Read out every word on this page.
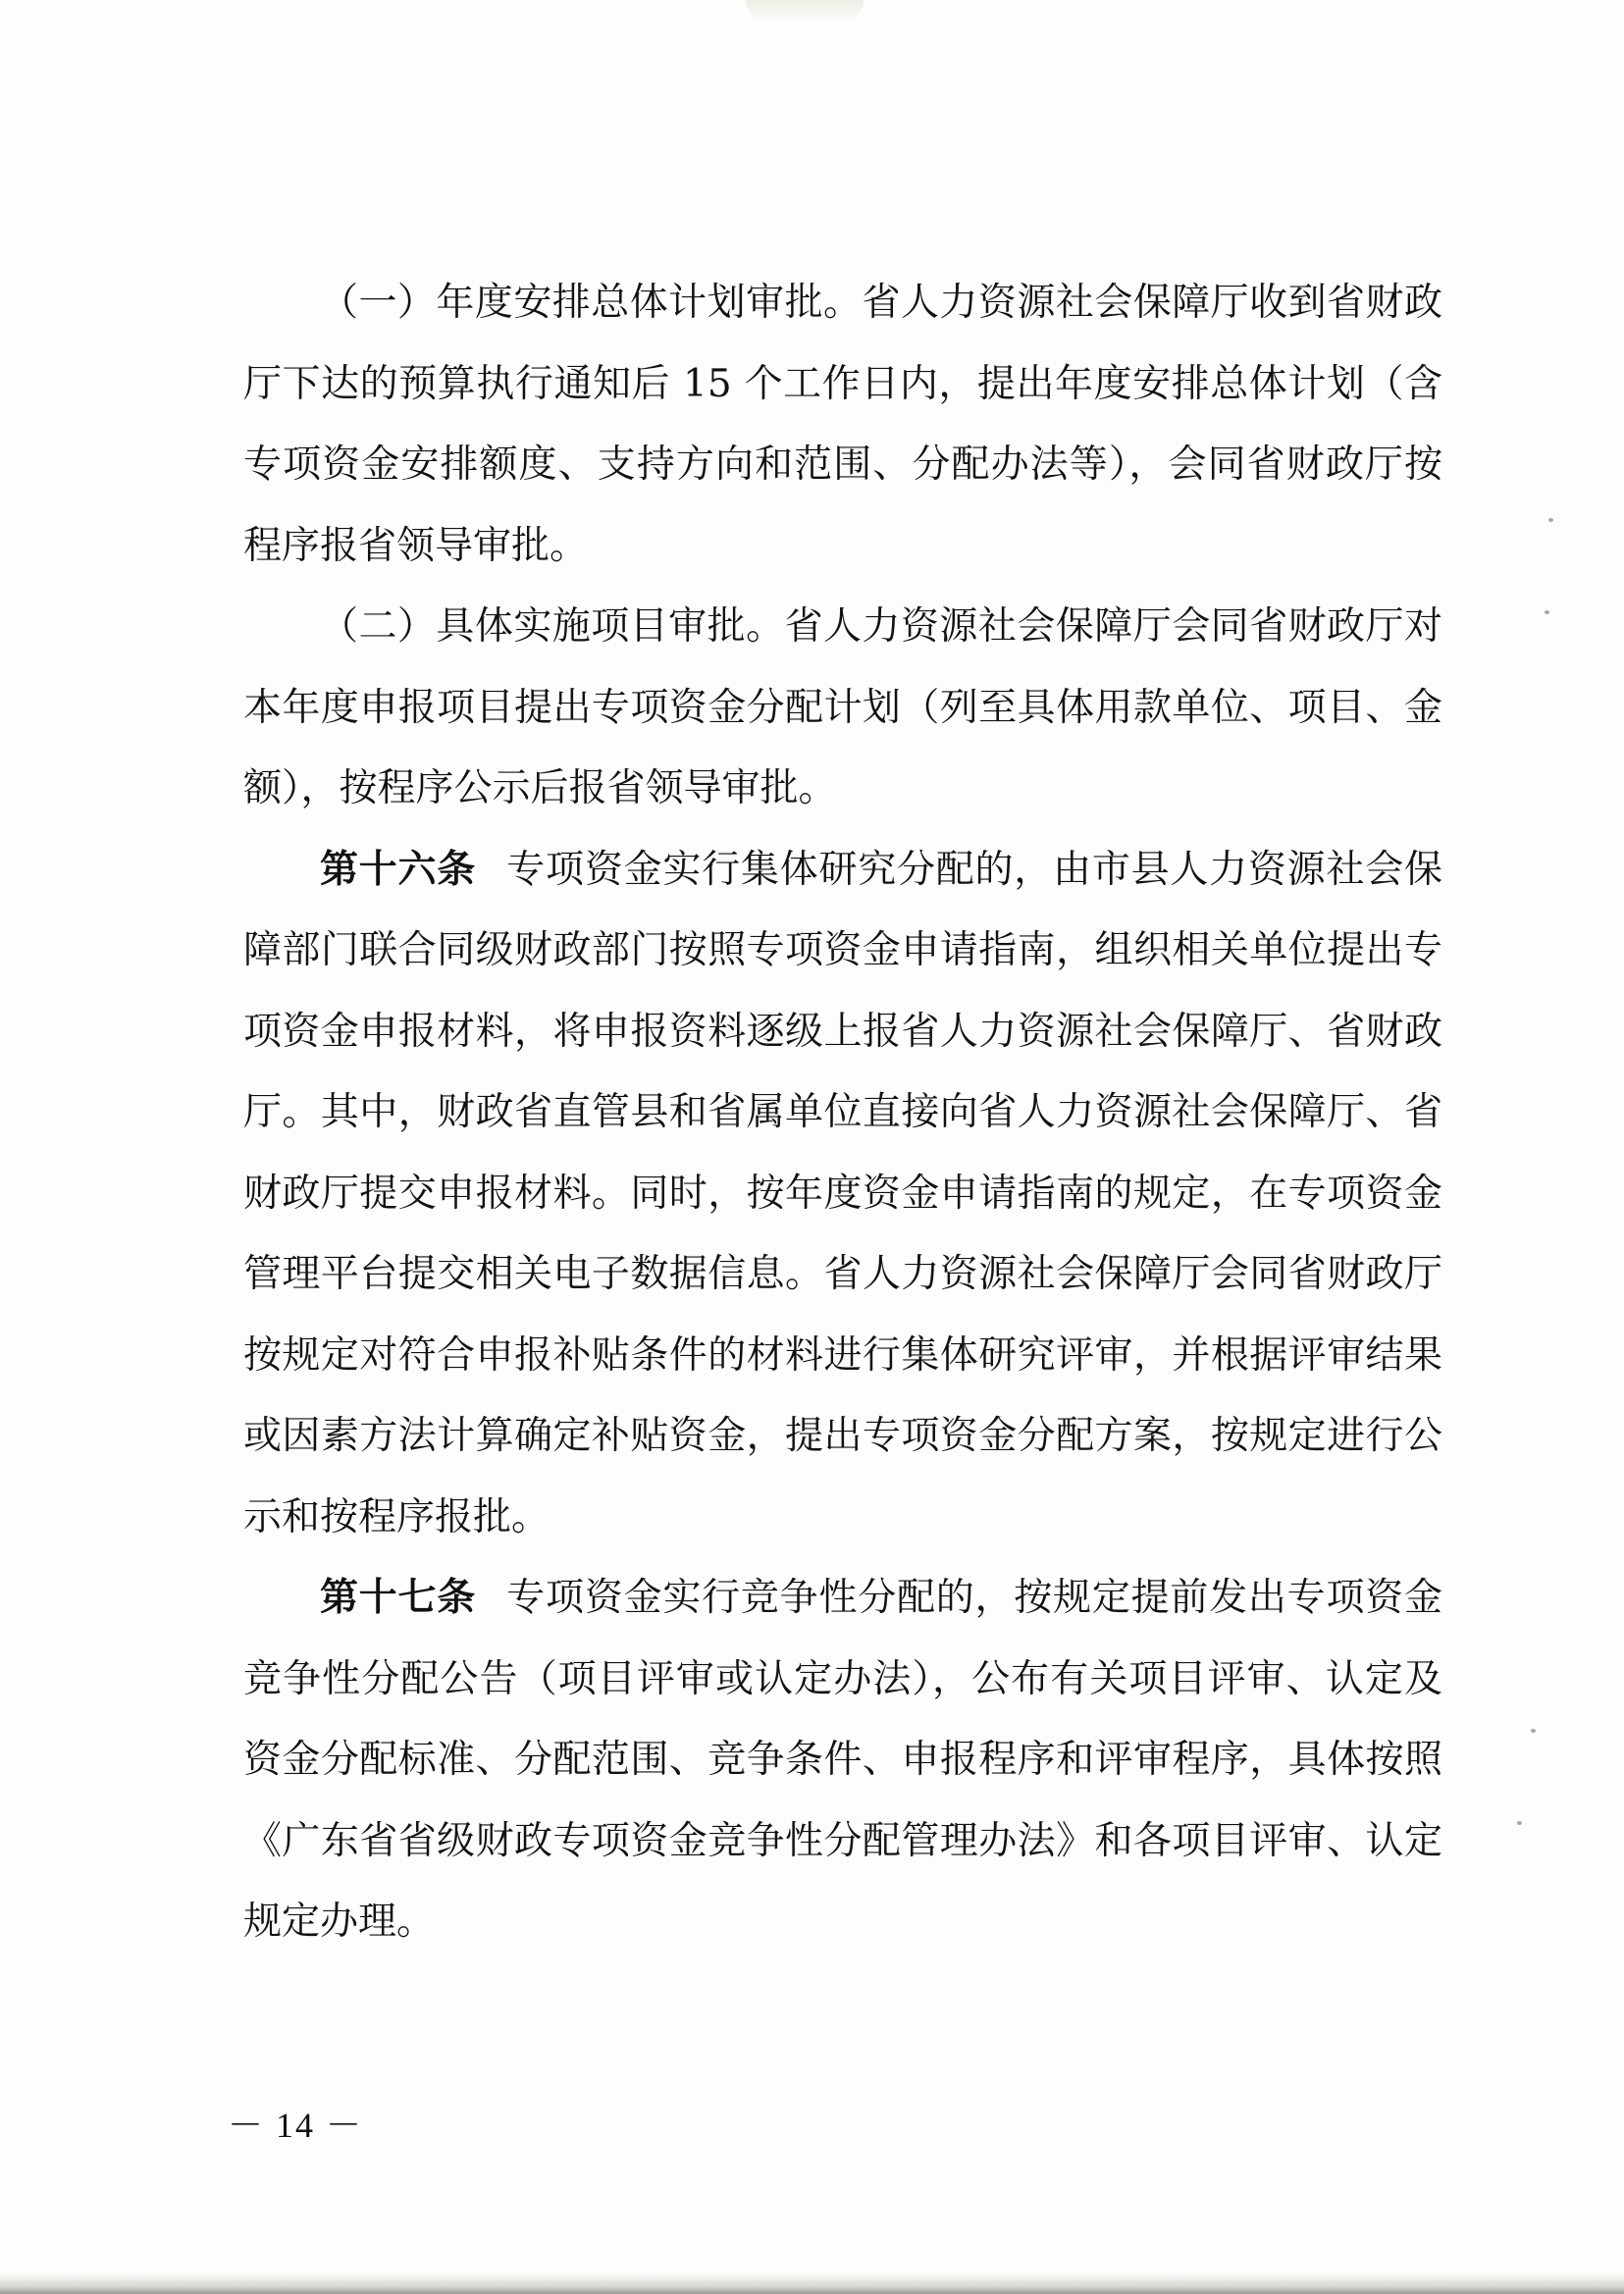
（一）年度安排总体计划审批。省人力资源社会保障厅收到省财政厅下达的预算执行通知后 15 个工作日内，提出年度安排总体计划（含专项资金安排额度、支持方向和范围、分配办法等），会同省财政厅按程序报省领导审批。

（二）具体实施项目审批。省人力资源社会保障厅会同省财政厅对本年度申报项目提出专项资金分配计划（列至具体用款单位、项目、金额），按程序公示后报省领导审批。

第十六条 专项资金实行集体研究分配的，由市县人力资源社会保障部门联合同级财政部门按照专项资金申请指南，组织相关单位提出专项资金申报材料，将申报资料逐级上报省人力资源社会保障厅、省财政厅。其中，财政省直管县和省属单位直接向省人力资源社会保障厅、省财政厅提交申报材料。同时，按年度资金申请指南的规定，在专项资金管理平台提交相关电子数据信息。省人力资源社会保障厅会同省财政厅按规定对符合申报补贴条件的材料进行集体研究评审，并根据评审结果或因素方法计算确定补贴资金，提出专项资金分配方案，按规定进行公示和按程序报批。

第十七条 专项资金实行竞争性分配的，按规定提前发出专项资金竞争性分配公告（项目评审或认定办法），公布有关项目评审、认定及资金分配标准、分配范围、竞争条件、申报程序和评审程序，具体按照《广东省省级财政专项资金竞争性分配管理办法》和各项目评审、认定规定办理。

－ 14 －
